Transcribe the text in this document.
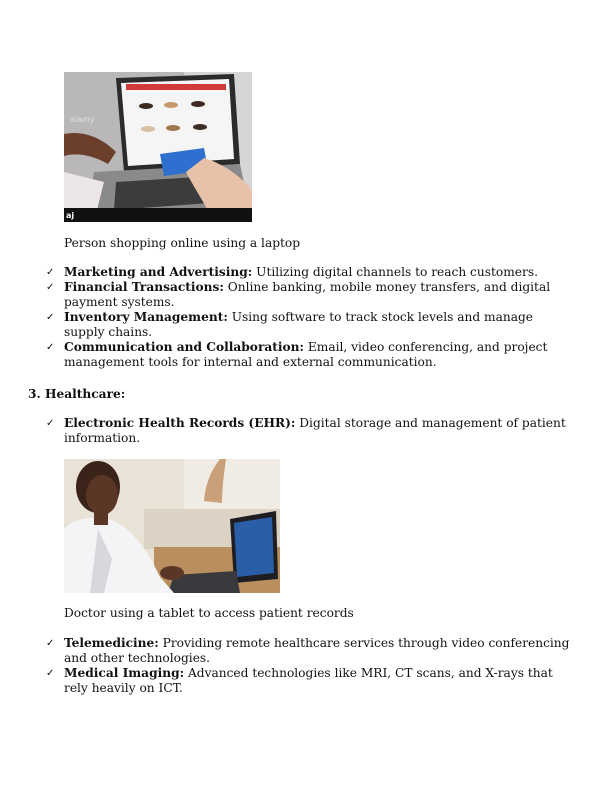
aj
alamy
Person shopping online using a laptop
✓ Marketing and Advertising: Utilizing digital channels to reach customers.
✓ Financial Transactions: Online banking, mobile money transfers, and digital payment systems.
✓ Inventory Management: Using software to track stock levels and manage supply chains.
✓ Communication and Collaboration: Email, video conferencing, and project management tools for internal and external communication.
3. Healthcare:
✓ Electronic Health Records (EHR): Digital storage and management of patient information.
Doctor using a tablet to access patient records
✓ Telemedicine: Providing remote healthcare services through video conferencing and other technologies.
✓ Medical Imaging: Advanced technologies like MRI, CT scans, and X-rays that rely heavily on ICT.
